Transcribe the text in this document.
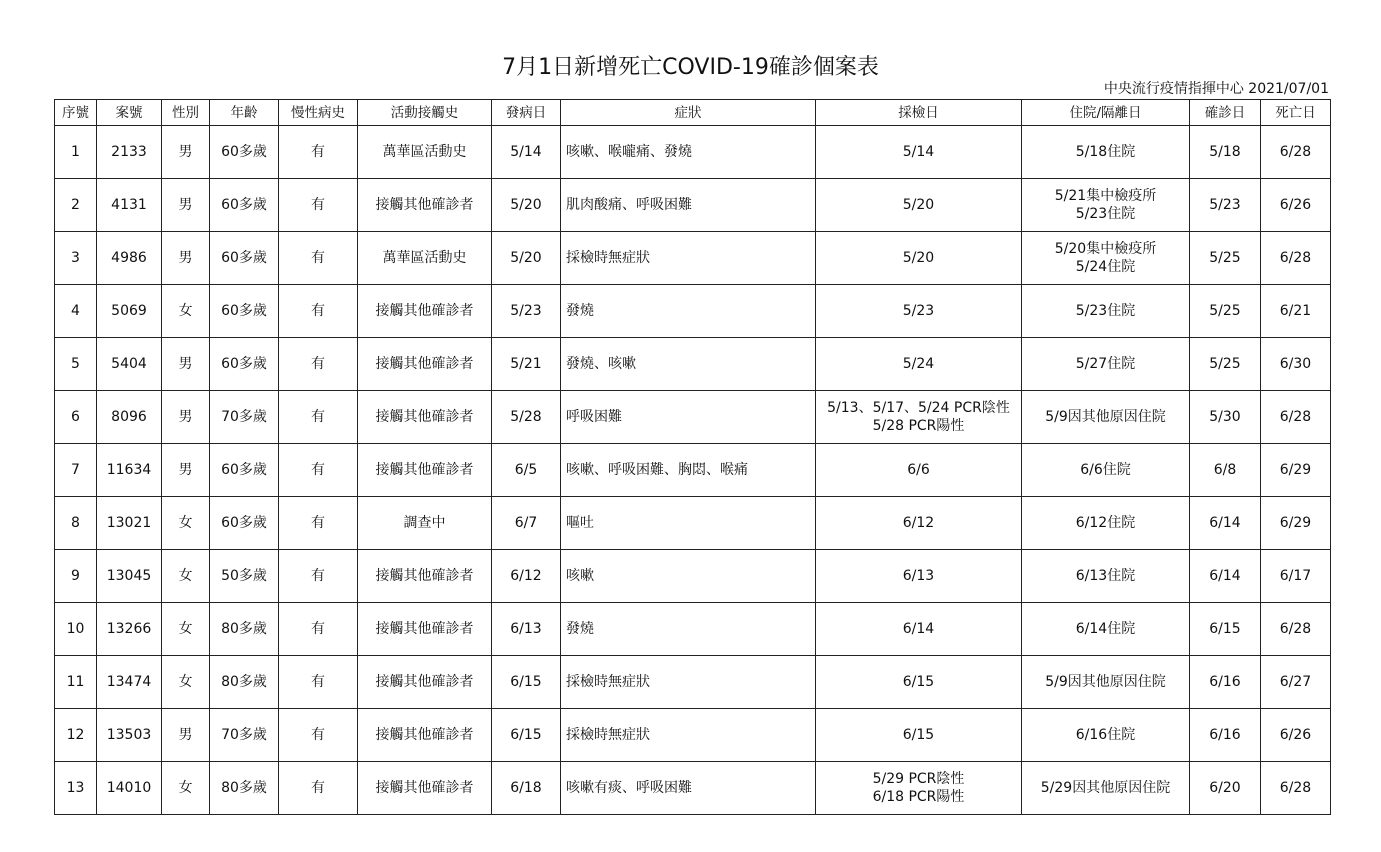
7月1日新增死亡COVID-19確診個案表
中央流行疫情指揮中心 2021/07/01
序號	案號	性別	年齡	慢性病史	活動接觸史	發病日	症狀	採檢日	住院/隔離日	確診日	死亡日
1	2133	男	60多歲	有	萬華區活動史	5/14	咳嗽、喉嚨痛、發燒	5/14	5/18住院	5/18	6/28
2	4131	男	60多歲	有	接觸其他確診者	5/20	肌肉酸痛、呼吸困難	5/20	5/21集中檢疫所
5/23住院	5/23	6/26
3	4986	男	60多歲	有	萬華區活動史	5/20	採檢時無症狀	5/20	5/20集中檢疫所
5/24住院	5/25	6/28
4	5069	女	60多歲	有	接觸其他確診者	5/23	發燒	5/23	5/23住院	5/25	6/21
5	5404	男	60多歲	有	接觸其他確診者	5/21	發燒、咳嗽	5/24	5/27住院	5/25	6/30
6	8096	男	70多歲	有	接觸其他確診者	5/28	呼吸困難	5/13、5/17、5/24 PCR陰性
5/28 PCR陽性	5/9因其他原因住院	5/30	6/28
7	11634	男	60多歲	有	接觸其他確診者	6/5	咳嗽、呼吸困難、胸悶、喉痛	6/6	6/6住院	6/8	6/29
8	13021	女	60多歲	有	調查中	6/7	嘔吐	6/12	6/12住院	6/14	6/29
9	13045	女	50多歲	有	接觸其他確診者	6/12	咳嗽	6/13	6/13住院	6/14	6/17
10	13266	女	80多歲	有	接觸其他確診者	6/13	發燒	6/14	6/14住院	6/15	6/28
11	13474	女	80多歲	有	接觸其他確診者	6/15	採檢時無症狀	6/15	5/9因其他原因住院	6/16	6/27
12	13503	男	70多歲	有	接觸其他確診者	6/15	採檢時無症狀	6/15	6/16住院	6/16	6/26
13	14010	女	80多歲	有	接觸其他確診者	6/18	咳嗽有痰、呼吸困難	5/29 PCR陰性
6/18 PCR陽性	5/29因其他原因住院	6/20	6/28
